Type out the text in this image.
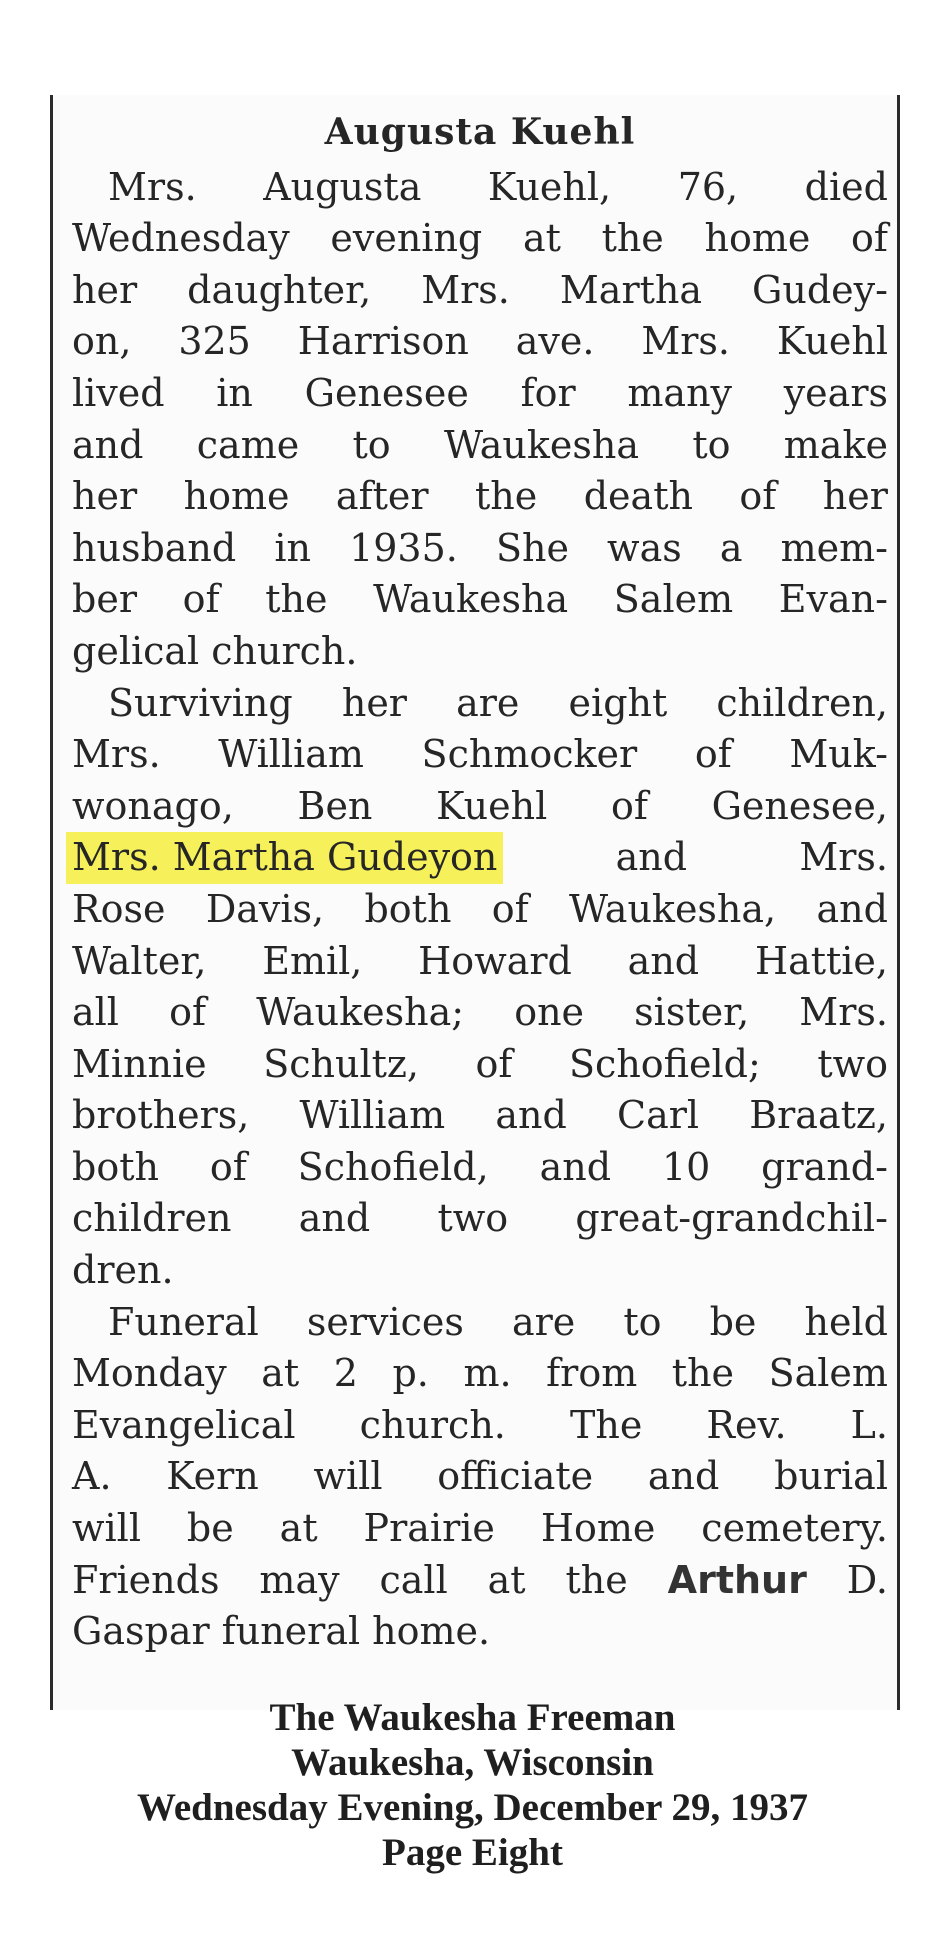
Augusta Kuehl
Mrs. Augusta Kuehl, 76, died
Wednesday evening at the home of
her daughter, Mrs. Martha Gudey-
on, 325 Harrison ave. Mrs. Kuehl
lived in Genesee for many years
and came to Waukesha to make
her home after the death of her
husband in 1935. She was a mem-
ber of the Waukesha Salem Evan-
gelical church.
Surviving her are eight children,
Mrs. William Schmocker of Muk-
wonago, Ben Kuehl of Genesee,
Mrs. Martha Gudeyon	and	Mrs.
Rose Davis, both of Waukesha, and
Walter, Emil, Howard and Hattie,
all of Waukesha; one sister, Mrs.
Minnie Schultz, of Schofield; two
brothers, William and Carl Braatz,
both of Schofield, and 10 grand-
children and two great-grandchil-
dren.
Funeral services are to be held
Monday at 2 p. m. from the Salem
Evangelical church. The Rev. L.
A. Kern will officiate and burial
will be at Prairie Home cemetery.
Friends may call at the Arthur D.
Gaspar funeral home.
The Waukesha Freeman
Waukesha, Wisconsin
Wednesday Evening, December 29, 1937
Page Eight
